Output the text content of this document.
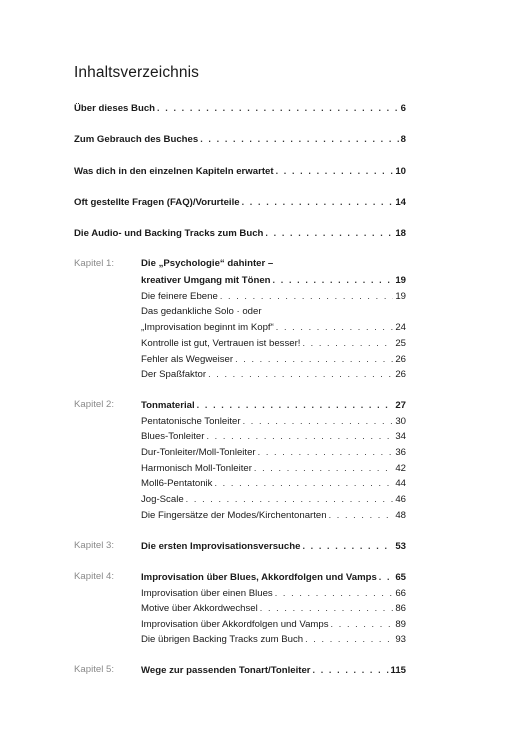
Inhaltsverzeichnis
Über dieses Buch . . .	6
Zum Gebrauch des Buches . . .	8
Was dich in den einzelnen Kapiteln erwartet . . .	10
Oft gestellte Fragen (FAQ)/Vorurteile . . .	14
Die Audio- und Backing Tracks zum Buch . . .	18
Kapitel 1:	Die „Psychologie“ dahinter –
kreativer Umgang mit Tönen . . .	19
Die feinere Ebene . . .	19
Das gedankliche Solo · oder
„Improvisation beginnt im Kopf“ . . .	24
Kontrolle ist gut, Vertrauen ist besser! . . .	25
Fehler als Wegweiser . . .	26
Der Spaßfaktor . . .	26
Kapitel 2:	Tonmaterial . . .	27
Pentatonische Tonleiter . . .	30
Blues-Tonleiter . . .	34
Dur-Tonleiter/Moll-Tonleiter . . .	36
Harmonisch Moll-Tonleiter . . .	42
Moll6-Pentatonik . . .	44
Jog-Scale . . .	46
Die Fingersätze der Modes/Kirchentonarten . . .	48
Kapitel 3:	Die ersten Improvisationsversuche . . .	53
Kapitel 4:	Improvisation über Blues, Akkordfolgen und Vamps . . . 65
Improvisation über einen Blues . . .	66
Motive über Akkordwechsel . . .	86
Improvisation über Akkordfolgen und Vamps . . .	89
Die übrigen Backing Tracks zum Buch . . .	93
Kapitel 5:	Wege zur passenden Tonart/Tonleiter . . .	115
